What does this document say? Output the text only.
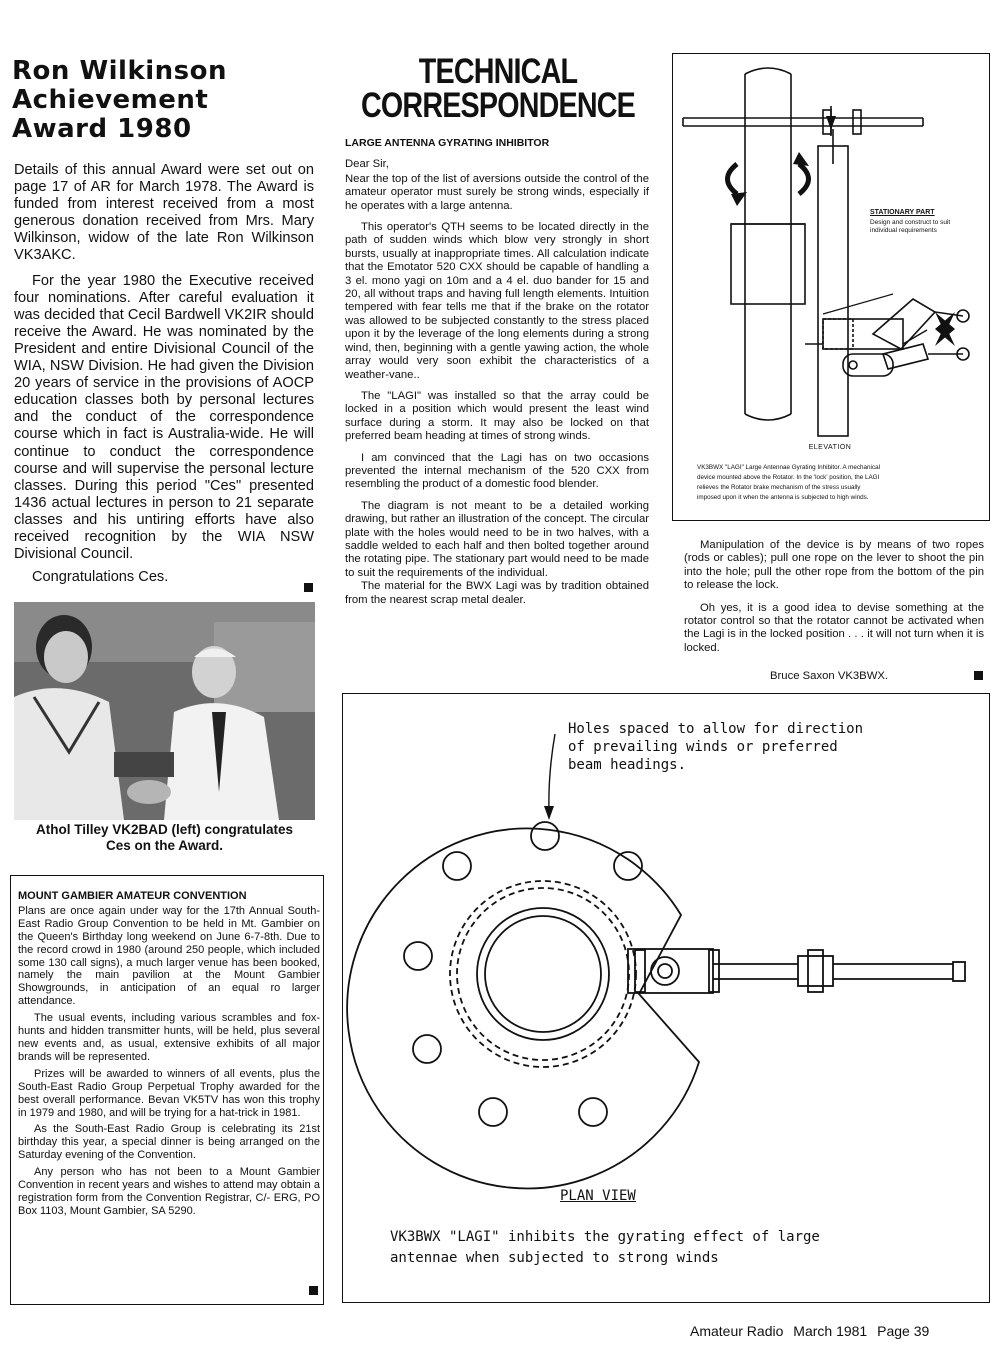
Ron Wilkinson
Achievement
Award 1980

Details of this annual Award were set out on page 17 of AR for March 1978. The Award is funded from interest received from a most generous donation received from Mrs. Mary Wilkinson, widow of the late Ron Wilkinson VK3AKC.

For the year 1980 the Executive received four nominations. After careful evaluation it was decided that Cecil Bardwell VK2IR should receive the Award. He was nominated by the President and entire Divisional Council of the WIA, NSW Division. He had given the Division 20 years of service in the provisions of AOCP education classes both by personal lectures and the conduct of the correspondence course which in fact is Australia-wide. He will continue to conduct the correspondence course and will supervise the personal lecture classes. During this period "Ces" presented 1436 actual lectures in person to 21 separate classes and his untiring efforts have also received recognition by the WIA NSW Divisional Council.

Congratulations Ces.

Athol Tilley VK2BAD (left) congratulates
Ces on the Award.
MOUNT GAMBIER AMATEUR CONVENTION

Plans are once again under way for the 17th Annual South-East Radio Group Convention to be held in Mt. Gambier on the Queen's Birthday long weekend on June 6-7-8th. Due to the record crowd in 1980 (around 250 people, which included some 130 call signs), a much larger venue has been booked, namely the main pavilion at the Mount Gambier Showgrounds, in anticipation of an equal ro larger attendance.

The usual events, including various scrambles and fox-hunts and hidden transmitter hunts, will be held, plus several new events and, as usual, extensive exhibits of all major brands will be represented.

Prizes will be awarded to winners of all events, plus the South-East Radio Group Perpetual Trophy awarded for the best overall performance. Bevan VK5TV has won this trophy in 1979 and 1980, and will be trying for a hat-trick in 1981.

As the South-East Radio Group is celebrating its 21st birthday this year, a special dinner is being arranged on the Saturday evening of the Convention.

Any person who has not been to a Mount Gambier Convention in recent years and wishes to attend may obtain a registration form from the Convention Registrar, C/- ERG, PO Box 1103, Mount Gambier, SA 5290.

TECHNICAL
CORRESPONDENCE
LARGE ANTENNA GYRATING INHIBITOR

Dear Sir,

Near the top of the list of aversions outside the control of the amateur operator must surely be strong winds, especially if he operates with a large antenna.

This operator's QTH seems to be located directly in the path of sudden winds which blow very strongly in short bursts, usually at inappropriate times. All calculation indicate that the Emotator 520 CXX should be capable of handling a 3 el. mono yagi on 10m and a 4 el. duo bander for 15 and 20, all without traps and having full length elements. Intuition tempered with fear tells me that if the brake on the rotator was allowed to be subjected constantly to the stress placed upon it by the leverage of the long elements during a strong wind, then, beginning with a gentle yawing action, the whole array would very soon exhibit the characteristics of a weather-vane..

The "LAGI" was installed so that the array could be locked in a position which would present the least wind surface during a storm. It may also be locked on that preferred beam heading at times of strong winds.

I am convinced that the Lagi has on two occasions prevented the internal mechanism of the 520 CXX from resembling the product of a domestic food blender.

The diagram is not meant to be a detailed working drawing, but rather an illustration of the concept. The circular plate with the holes would need to be in two halves, with a saddle welded to each half and then bolted together around the rotating pipe. The stationary part would need to be made to suit the requirements of the individual.

The material for the BWX Lagi was by tradition obtained from the nearest scrap metal dealer.

Manipulation of the device is by means of two ropes (rods or cables); pull one rope on the lever to shoot the pin into the hole; pull the other rope from the bottom of the pin to release the lock.

Oh yes, it is a good idea to devise something at the rotator control so that the rotator cannot be activated when the Lagi is in the locked position . . . it will not turn when it is locked.

Bruce Saxon VK3BWX.
STATIONARY PART
Design and construct to suit
individual requirements
ELEVATION
VK3BWX "LAGI" Large Antennae Gyrating Inhibitor. A mechanical
device mounted above the Rotator. In the 'lock' position, the LAGI
relieves the Rotator brake mechanism of the stress usually
imposed upon it when the antenna is subjected to high winds.
Holes spaced to allow for direction
of prevailing winds or preferred
beam headings.
PLAN VIEW
VK3BWX "LAGI" inhibits the gyrating effect of large
antennae when subjected to strong winds
Amateur Radio March 1981 Page 39
